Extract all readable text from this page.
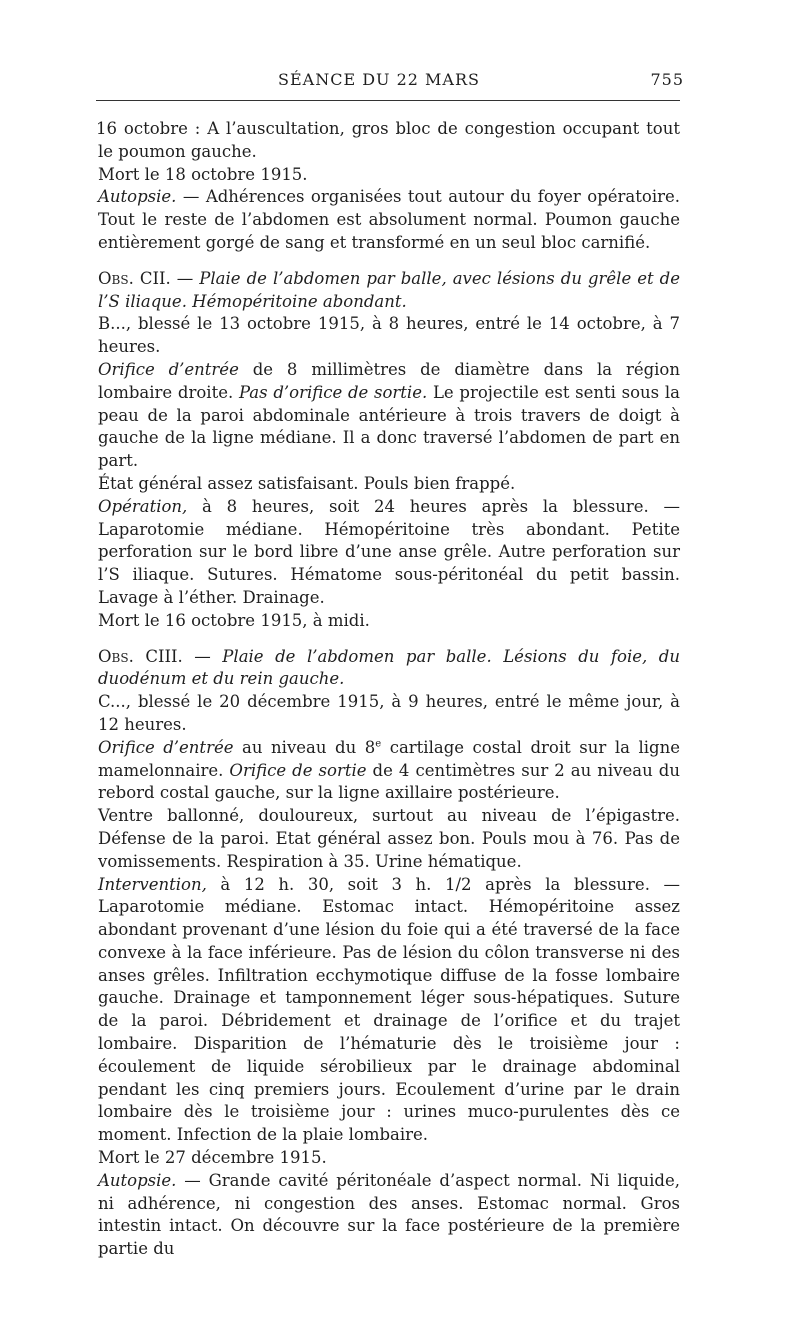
SÉANCE DU 22 MARS	755

16 octobre : A l’auscultation, gros bloc de congestion occupant tout le poumon gauche.

Mort le 18 octobre 1915.

Autopsie. — Adhérences organisées tout autour du foyer opératoire. Tout le reste de l’abdomen est absolument normal. Poumon gauche entièrement gorgé de sang et transformé en un seul bloc carnifié.

Obs. CII. — Plaie de l’abdomen par balle, avec lésions du grêle et de l’S iliaque. Hémopéritoine abondant.

B..., blessé le 13 octobre 1915, à 8 heures, entré le 14 octobre, à 7 heures.

Orifice d’entrée de 8 millimètres de diamètre dans la région lombaire droite. Pas d’orifice de sortie. Le projectile est senti sous la peau de la paroi abdominale antérieure à trois travers de doigt à gauche de la ligne médiane. Il a donc traversé l’abdomen de part en part.

État général assez satisfaisant. Pouls bien frappé.

Opération, à 8 heures, soit 24 heures après la blessure. — Laparotomie médiane. Hémopéritoine très abondant. Petite perforation sur le bord libre d’une anse grêle. Autre perforation sur l’S iliaque. Sutures. Hématome sous-péritonéal du petit bassin. Lavage à l’éther. Drainage.

Mort le 16 octobre 1915, à midi.

Obs. CIII. — Plaie de l’abdomen par balle. Lésions du foie, du duodénum et du rein gauche.

C..., blessé le 20 décembre 1915, à 9 heures, entré le même jour, à 12 heures.

Orifice d’entrée au niveau du 8e cartilage costal droit sur la ligne mamelonnaire. Orifice de sortie de 4 centimètres sur 2 au niveau du rebord costal gauche, sur la ligne axillaire postérieure.

Ventre ballonné, douloureux, surtout au niveau de l’épigastre. Défense de la paroi. Etat général assez bon. Pouls mou à 76. Pas de vomissements. Respiration à 35. Urine hématique.

Intervention, à 12 h. 30, soit 3 h. 1/2 après la blessure. — Laparotomie médiane. Estomac intact. Hémopéritoine assez abondant provenant d’une lésion du foie qui a été traversé de la face convexe à la face inférieure. Pas de lésion du côlon transverse ni des anses grêles. Infiltration ecchymotique diffuse de la fosse lombaire gauche. Drainage et tamponnement léger sous-hépatiques. Suture de la paroi. Débridement et drainage de l’orifice et du trajet lombaire. Disparition de l’hématurie dès le troisième jour : écoulement de liquide sérobilieux par le drainage abdominal pendant les cinq premiers jours. Ecoulement d’urine par le drain lombaire dès le troisième jour : urines muco-purulentes dès ce moment. Infection de la plaie lombaire.

Mort le 27 décembre 1915.

Autopsie. — Grande cavité péritonéale d’aspect normal. Ni liquide, ni adhérence, ni congestion des anses. Estomac normal. Gros intestin intact. On découvre sur la face postérieure de la première partie du
